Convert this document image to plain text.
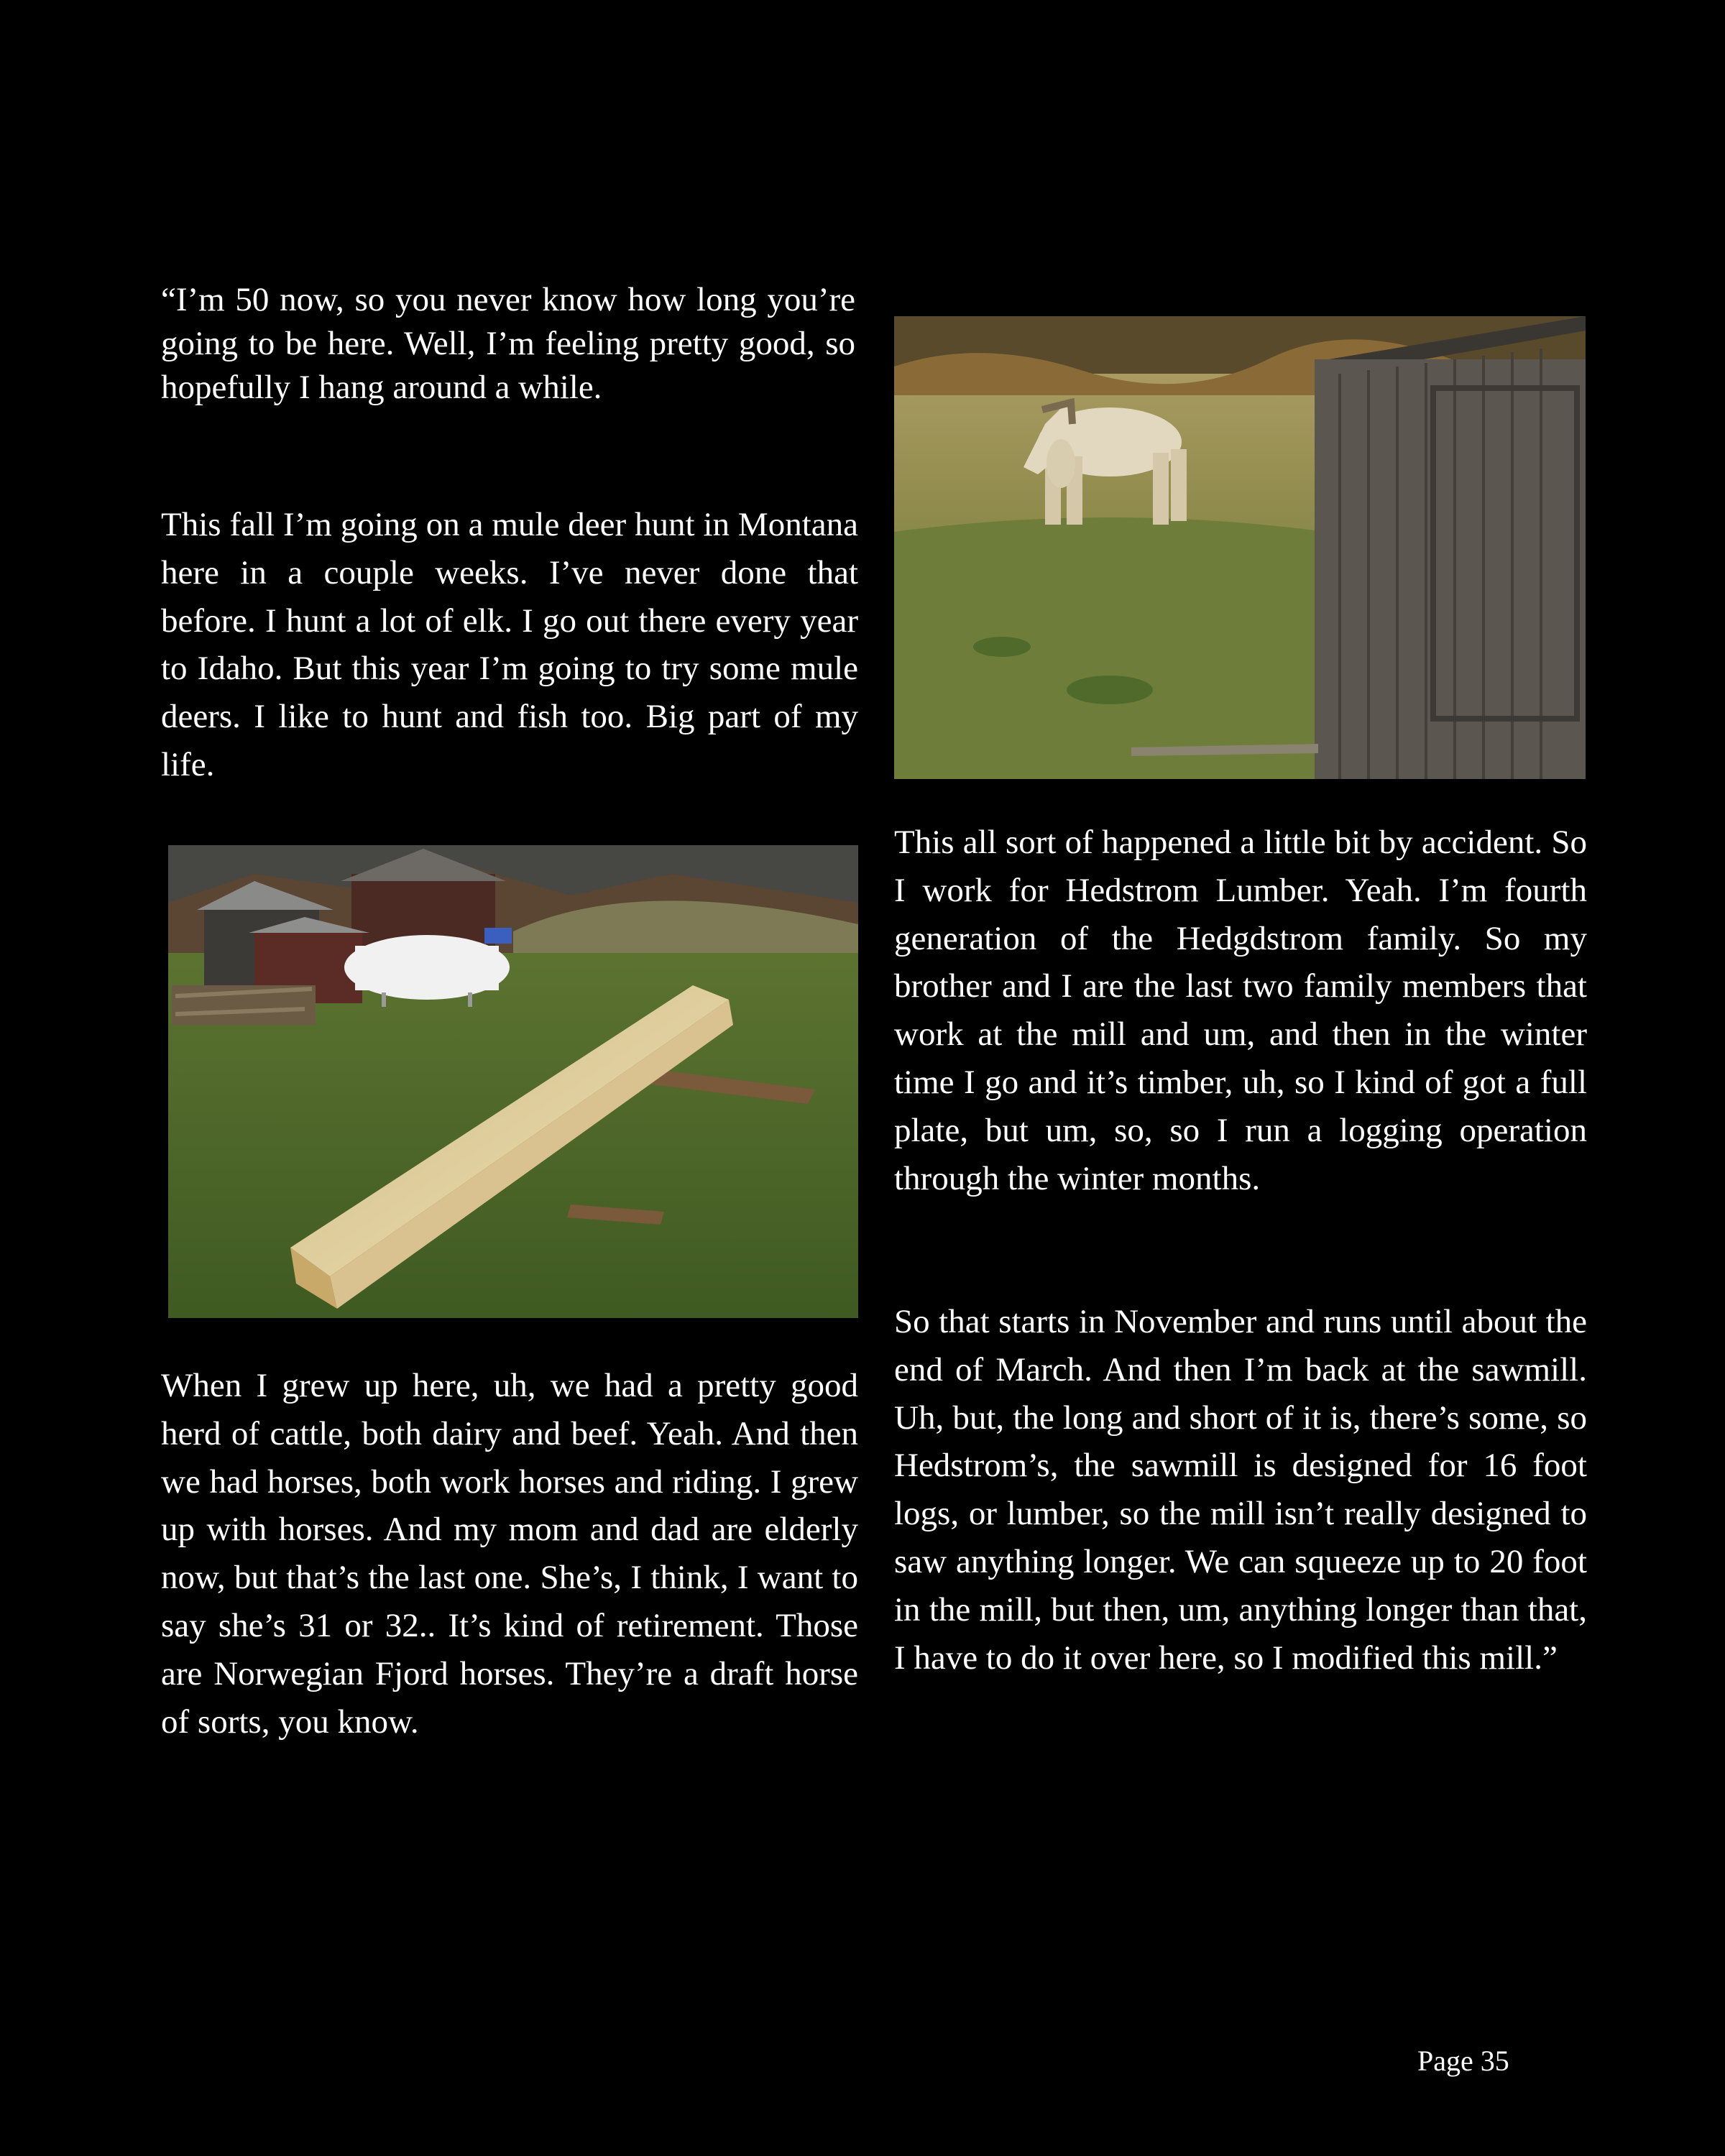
“I’m 50 now, so you never know how long you’re going to be here. Well, I’m feeling pretty good, so hopefully I hang around a while.

This fall I’m going on a mule deer hunt in Montana here in a couple weeks. I’ve never done that before. I hunt a lot of elk. I go out there every year to Idaho. But this year I’m going to try some mule deers. I like to hunt and fish too. Big part of my life.

When I grew up here, uh, we had a pretty good herd of cattle, both dairy and beef. Yeah. And then we had horses, both work horses and riding. I grew up with horses. And my mom and dad are elderly now, but that’s the last one. She’s, I think, I want to say she’s 31 or 32.. It’s kind of retirement. Those are Norwegian Fjord horses. They’re a draft horse of sorts, you know.

This all sort of happened a little bit by accident. So I work for Hedstrom Lumber. Yeah. I’m fourth generation of the Hedgdstrom family. So my brother and I are the last two family members that work at the mill and um, and then in the winter time I go and it’s timber, uh, so I kind of got a full plate, but um, so, so I run a logging operation through the winter months.

So that starts in November and runs until about the end of March. And then I’m back at the sawmill. Uh, but, the long and short of it is, there’s some, so Hedstrom’s, the sawmill is designed for 16 foot logs, or lumber, so the mill isn’t really designed to saw anything longer. We can squeeze up to 20 foot in the mill, but then, um, anything longer than that, I have to do it over here, so I modified this mill.”

Page 35
